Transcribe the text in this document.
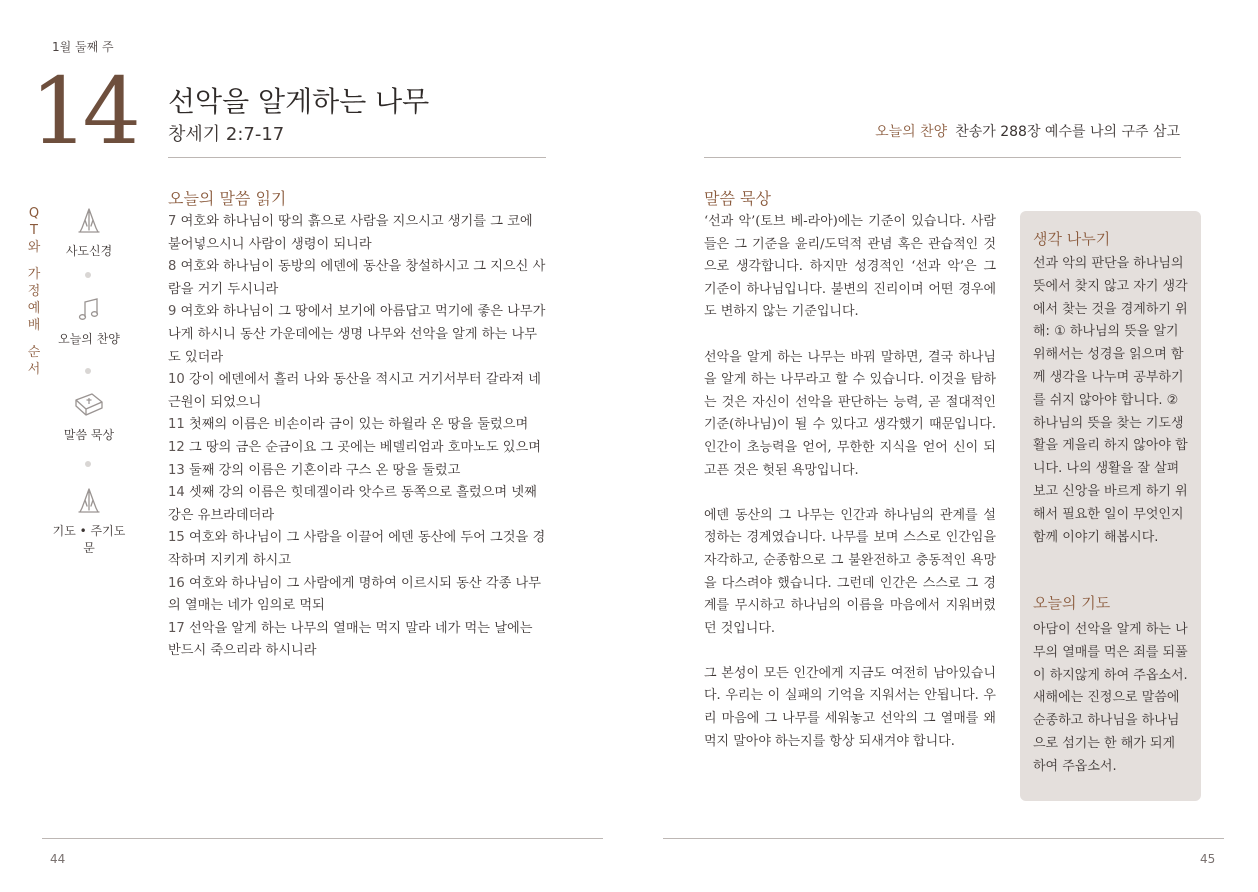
1월 둘째 주
14 선악을 알게하는 나무
창세기 2:7-17	오늘의 찬양 찬송가 288장 예수를 나의 구주 삼고
Q
T
와
가
정
예
배
순
서
사도신경
오늘의 찬양
말씀 묵상
기도 • 주기도문
오늘의 말씀 읽기

7 여호와 하나님이 땅의 흙으로 사람을 지으시고 생기를 그 코에 불어넣으시니 사람이 생령이 되니라

8 여호와 하나님이 동방의 에덴에 동산을 창설하시고 그 지으신 사람을 거기 두시니라

9 여호와 하나님이 그 땅에서 보기에 아름답고 먹기에 좋은 나무가 나게 하시니 동산 가운데에는 생명 나무와 선악을 알게 하는 나무도 있더라

10 강이 에덴에서 흘러 나와 동산을 적시고 거기서부터 갈라져 네 근원이 되었으니

11 첫째의 이름은 비손이라 금이 있는 하윌라 온 땅을 둘렀으며

12 그 땅의 금은 순금이요 그 곳에는 베델리엄과 호마노도 있으며

13 둘째 강의 이름은 기혼이라 구스 온 땅을 둘렀고

14 셋째 강의 이름은 힛데겔이라 앗수르 동쪽으로 흘렀으며 넷째 강은 유브라데더라

15 여호와 하나님이 그 사람을 이끌어 에덴 동산에 두어 그것을 경작하며 지키게 하시고

16 여호와 하나님이 그 사람에게 명하여 이르시되 동산 각종 나무의 열매는 네가 임의로 먹되

17 선악을 알게 하는 나무의 열매는 먹지 말라 네가 먹는 날에는 반드시 죽으리라 하시니라

말씀 묵상

‘선과 악’(토브 베-라아)에는 기준이 있습니다. 사람들은 그 기준을 윤리/도덕적 관념 혹은 관습적인 것으로 생각합니다. 하지만 성경적인 ‘선과 악’은 그 기준이 하나님입니다. 불변의 진리이며 어떤 경우에도 변하지 않는 기준입니다.

선악을 알게 하는 나무는 바꿔 말하면, 결국 하나님을 알게 하는 나무라고 할 수 있습니다. 이것을 탐하는 것은 자신이 선악을 판단하는 능력, 곧 절대적인 기준(하나님)이 될 수 있다고 생각했기 때문입니다. 인간이 초능력을 얻어, 무한한 지식을 얻어 신이 되고픈 것은 헛된 욕망입니다.

에덴 동산의 그 나무는 인간과 하나님의 관계를 설정하는 경계였습니다. 나무를 보며 스스로 인간임을 자각하고, 순종함으로 그 불완전하고 충동적인 욕망을 다스려야 했습니다. 그런데 인간은 스스로 그 경계를 무시하고 하나님의 이름을 마음에서 지워버렸던 것입니다.

그 본성이 모든 인간에게 지금도 여전히 남아있습니다. 우리는 이 실패의 기억을 지워서는 안됩니다. 우리 마음에 그 나무를 세워놓고 선악의 그 열매를 왜 먹지 말아야 하는지를 항상 되새겨야 합니다.

생각 나누기
선과 악의 판단을 하나님의 뜻에서 찾지 않고 자기 생각에서 찾는 것을 경계하기 위해: ① 하나님의 뜻을 알기 위해서는 성경을 읽으며 함께 생각을 나누며 공부하기를 쉬지 않아야 합니다. ② 하나님의 뜻을 찾는 기도생활을 게을리 하지 않아야 합니다. 나의 생활을 잘 살펴보고 신앙을 바르게 하기 위해서 필요한 일이 무엇인지 함께 이야기 해봅시다.
오늘의 기도
아담이 선악을 알게 하는 나무의 열매를 먹은 죄를 되풀이 하지않게 하여 주옵소서. 새해에는 진정으로 말씀에 순종하고 하나님을 하나님으로 섬기는 한 해가 되게 하여 주옵소서.
44	45
